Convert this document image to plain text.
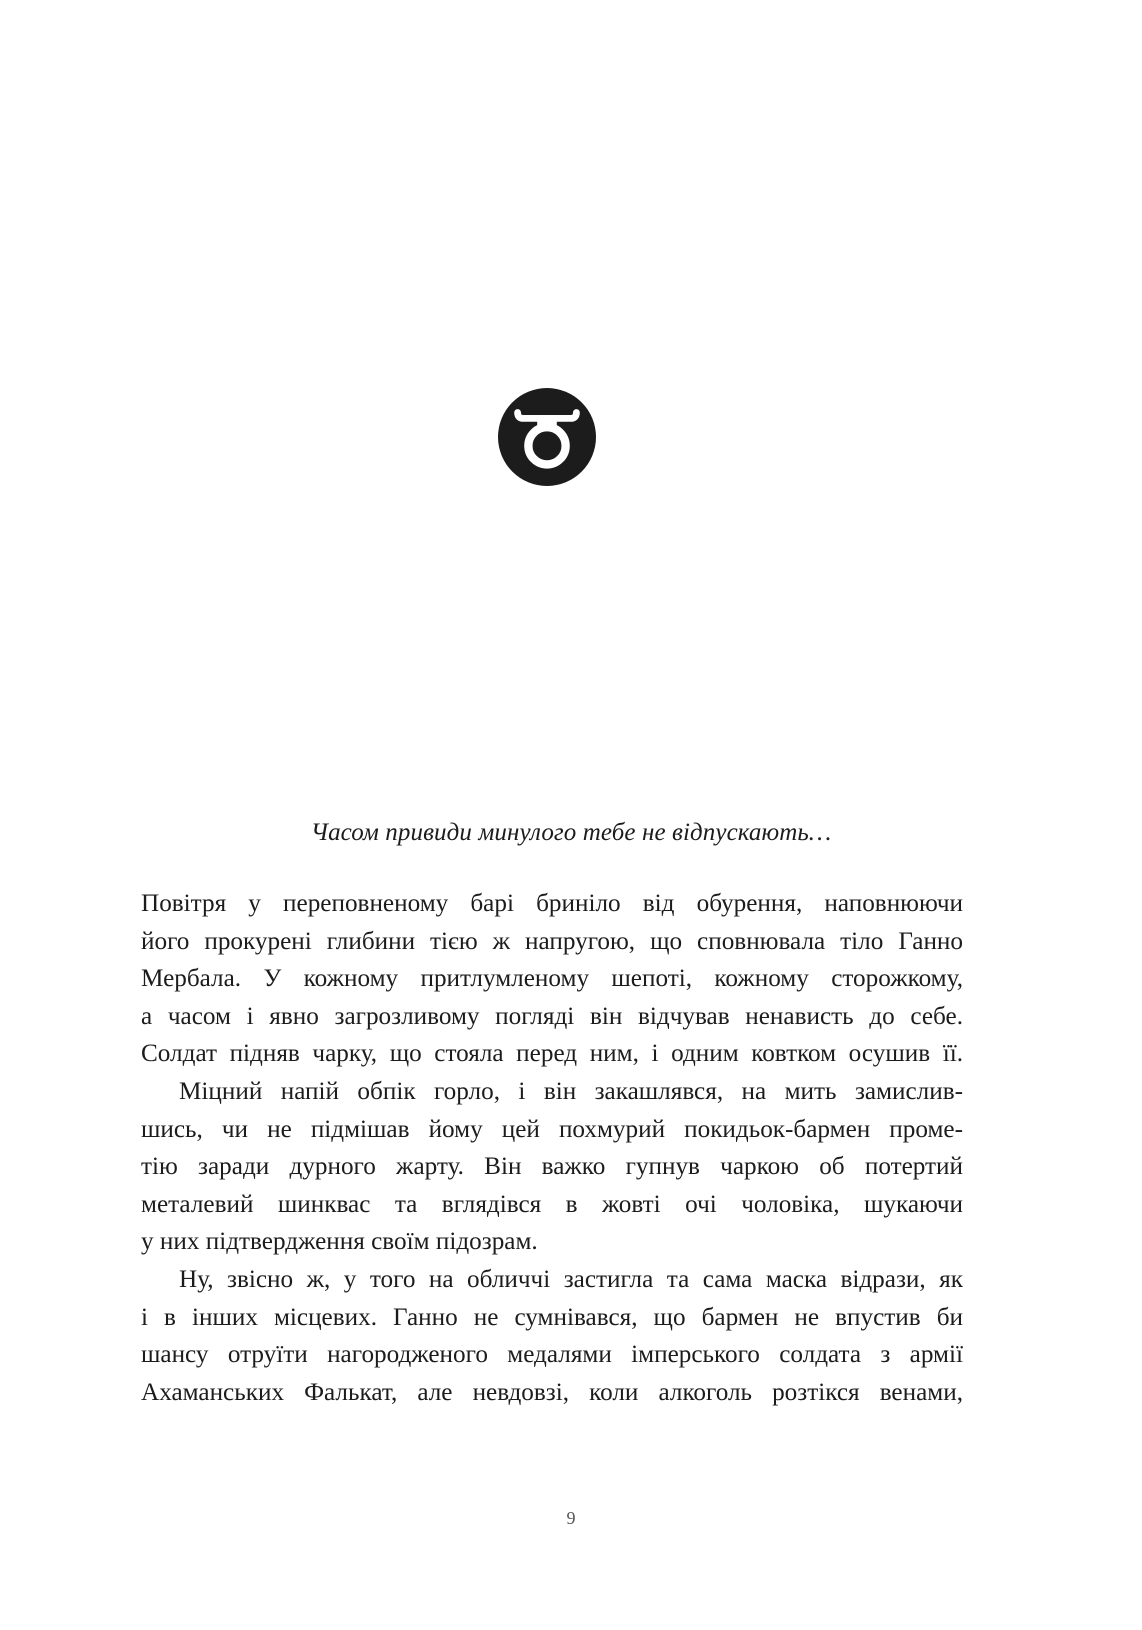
Часом привиди минулого тебе не відпускають…
Повітря у переповненому барі бриніло від обурення, наповнюючи
його прокурені глибини тією ж напругою, що сповнювала тіло Ганно
Мербала. У кожному притлумленому шепоті, кожному сторожкому,
а часом і явно загрозливому погляді він відчував ненависть до себе.
Солдат підняв чарку, що стояла перед ним, і одним ковтком осушив її.
Міцний напій обпік горло, і він закашлявся, на мить замислив-
шись, чи не підмішав йому цей похмурий покидьок-бармен проме-
тію заради дурного жарту. Він важко гупнув чаркою об потертий
металевий шинквас та вглядівся в жовті очі чоловіка, шукаючи
у них підтвердження своїм підозрам.
Ну, звісно ж, у того на обличчі застигла та сама маска відрази, як
і в інших місцевих. Ганно не сумнівався, що бармен не впустив би
шансу отруїти нагородженого медалями імперського солдата з армії
Ахаманських Фалькат, але невдовзі, коли алкоголь розтікся венами,
9
